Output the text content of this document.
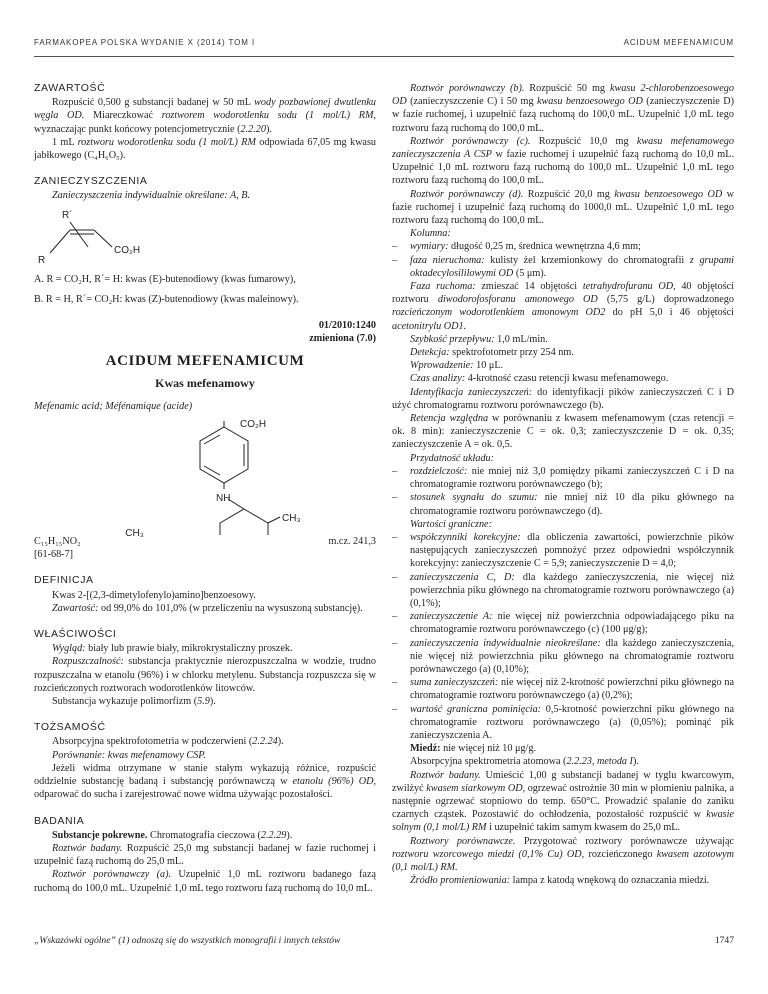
FARMAKOPEA POLSKA WYDANIE X (2014) TOM I	ACIDUM MEFENAMICUM
ZAWARTOŚĆ

Rozpuścić 0,500 g substancji badanej w 50 mL wody pozbawionej dwutlenku węgla OD. Miareczkować roztworem wodorotlenku sodu (1 mol/L) RM, wyznaczając punkt końcowy potencjometrycznie (2.2.20).

1 mL roztworu wodorotlenku sodu (1 mol/L) RM odpowiada 67,05 mg kwasu jabłkowego (C₄H₆O₅).

ZANIECZYSZCZENIA

Zanieczyszczenia indywidualnie określane: A, B.

R´
R
CO₂H

A. R = CO₂H, R´= H: kwas (E)-butenodiowy (kwas fumarowy),

B. R = H, R´= CO₂H: kwas (Z)-butenodiowy (kwas maleinowy).

01/2010:1240

zmieniona (7.0)

ACIDUM MEFENAMICUM
Kwas mefenamowy

Mefenamic acid; Méfénamique (acide)

CO₂H
NH
CH₃
C₁₅H₁₅NO₂
CH₃
m.cz. 241,3

[61-68-7]

DEFINICJA

Kwas 2-[(2,3-dimetylofenylo)amino]benzoesowy.

Zawartość: od 99,0% do 101,0% (w przeliczeniu na wysuszoną substancję).

WŁAŚCIWOŚCI

Wygląd: biały lub prawie biały, mikrokrystaliczny proszek.

Rozpuszczalność: substancja praktycznie nierozpuszczalna w wodzie, trudno rozpuszczalna w etanolu (96%) i w chlorku metylenu. Substancja rozpuszcza się w rozcieńczonych roztworach wodorotlenków litowców.

Substancja wykazuje polimorfizm (5.9).

TOŻSAMOŚĆ

Absorpcyjna spektrofotometria w podczerwieni (2.2.24).

Porównanie: kwas mefenamowy CSP.

Jeżeli widma otrzymane w stanie stałym wykazują różnice, rozpuścić oddzielnie substancję badaną i substancję porównawczą w etanolu (96%) OD, odparować do sucha i zarejestrować nowe widma używając pozostałości.

BADANIA

Substancje pokrewne. Chromatografia cieczowa (2.2.29).

Roztwór badany. Rozpuścić 25,0 mg substancji badanej w fazie ruchomej i uzupełnić fazą ruchomą do 25,0 mL.

Roztwór porównawczy (a). Uzupełnić 1,0 mL roztworu badanego fazą ruchomą do 100,0 mL. Uzupełnić 1,0 mL tego roztworu fazą ruchomą do 10,0 mL.

Roztwór porównawczy (b). Rozpuścić 50 mg kwasu 2-chlorobenzoesowego OD (zanieczyszczenie C) i 50 mg kwasu benzoesowego OD (zanieczyszczenie D) w fazie ruchomej, i uzupełnić fazą ruchomą do 100,0 mL. Uzupełnić 1,0 mL tego roztworu fazą ruchomą do 100,0 mL.

Roztwór porównawczy (c). Rozpuścić 10,0 mg kwasu mefenamowego zanieczyszczenia A CSP w fazie ruchomej i uzupełnić fazą ruchomą do 10,0 mL. Uzupełnić 1,0 mL roztworu fazą ruchomą do 100,0 mL. Uzupełnić 1,0 mL tego roztworu fazą ruchomą do 100,0 mL.

Roztwór porównawczy (d). Rozpuścić 20,0 mg kwasu benzoesowego OD w fazie ruchomej i uzupełnić fazą ruchomą do 1000,0 mL. Uzupełnić 1,0 mL tego roztworu fazą ruchomą do 100,0 mL.

Kolumna:

– wymiary: długość 0,25 m, średnica wewnętrzna 4,6 mm;

– faza nieruchoma: kulisty żel krzemionkowy do chromatografii z grupami oktadecylosililowymi OD (5 μm).

Faza ruchoma: zmieszać 14 objętości tetrahydrofuranu OD, 40 objętości roztworu diwodorofosforanu amonowego OD (5,75 g/L) doprowadzonego rozcieńczonym wodorotlenkiem amonowym OD2 do pH 5,0 i 46 objętości acetonitrylu OD1.

Szybkość przepływu: 1,0 mL/min.

Detekcja: spektrofotometr przy 254 nm.

Wprowadzenie: 10 μL.

Czas analizy: 4-krotność czasu retencji kwasu mefenamowego.

Identyfikacja zanieczyszczeń: do identyfikacji pików zanieczyszczeń C i D użyć chromatogramu roztworu porównawczego (b).

Retencja względna w porównaniu z kwasem mefenamowym (czas retencji = ok. 8 min): zanieczyszczenie C = ok. 0,3; zanieczyszczenie D = ok. 0,35; zanieczyszczenie A = ok. 0,5.

Przydatność układu:

– rozdzielczość: nie mniej niż 3,0 pomiędzy pikami zanieczyszczeń C i D na chromatogramie roztworu porównawczego (b);

– stosunek sygnału do szumu: nie mniej niż 10 dla piku głównego na chromatogramie roztworu porównawczego (d).

Wartości graniczne:

– współczynniki korekcyjne: dla obliczenia zawartości, powierzchnie pików następujących zanieczyszczeń pomnożyć przez odpowiedni współczynnik korekcyjny: zanieczyszczenie C = 5,9; zanieczyszczenie D = 4,0;

– zanieczyszczenia C, D: dla każdego zanieczyszczenia, nie więcej niż powierzchnia piku głównego na chromatogramie roztworu porównawczego (a) (0,1%);

– zanieczyszczenie A: nie więcej niż powierzchnia odpowiadającego piku na chromatogramie roztworu porównawczego (c) (100 μg/g);

– zanieczyszczenia indywidualnie nieokreślane: dla każdego zanieczyszczenia, nie więcej niż powierzchnia piku głównego na chromatogramie roztworu porównawczego (a) (0,10%);

– suma zanieczyszczeń: nie więcej niż 2-krotność powierzchni piku głównego na chromatogramie roztworu porównawczego (a) (0,2%);

– wartość graniczna pominięcia: 0,5-krotność powierzchni piku głównego na chromatogramie roztworu porównawczego (a) (0,05%); pominąć pik zanieczyszczenia A.

Miedź: nie więcej niż 10 μg/g.

Absorpcyjna spektrometria atomowa (2.2.23, metoda I).

Roztwór badany. Umieścić 1,00 g substancji badanej w tyglu kwarcowym, zwilżyć kwasem siarkowym OD, ogrzewać ostrożnie 30 min w płomieniu palnika, a następnie ogrzewać stopniowo do temp. 650°C. Prowadzić spalanie do zaniku czarnych cząstek. Pozostawić do ochłodzenia, pozostałość rozpuścić w kwasie solnym (0,1 mol/L) RM i uzupełnić takim samym kwasem do 25,0 mL.

Roztwory porównawcze. Przygotować roztwory porównawcze używając roztworu wzorcowego miedzi (0,1% Cu) OD, rozcieńczonego kwasem azotowym (0,1 mol/L) RM.

Źródło promieniowania: lampa z katodą wnękową do oznaczania miedzi.

„Wskazówki ogólne” (1) odnoszą się do wszystkich monografii i innych tekstów	1747
